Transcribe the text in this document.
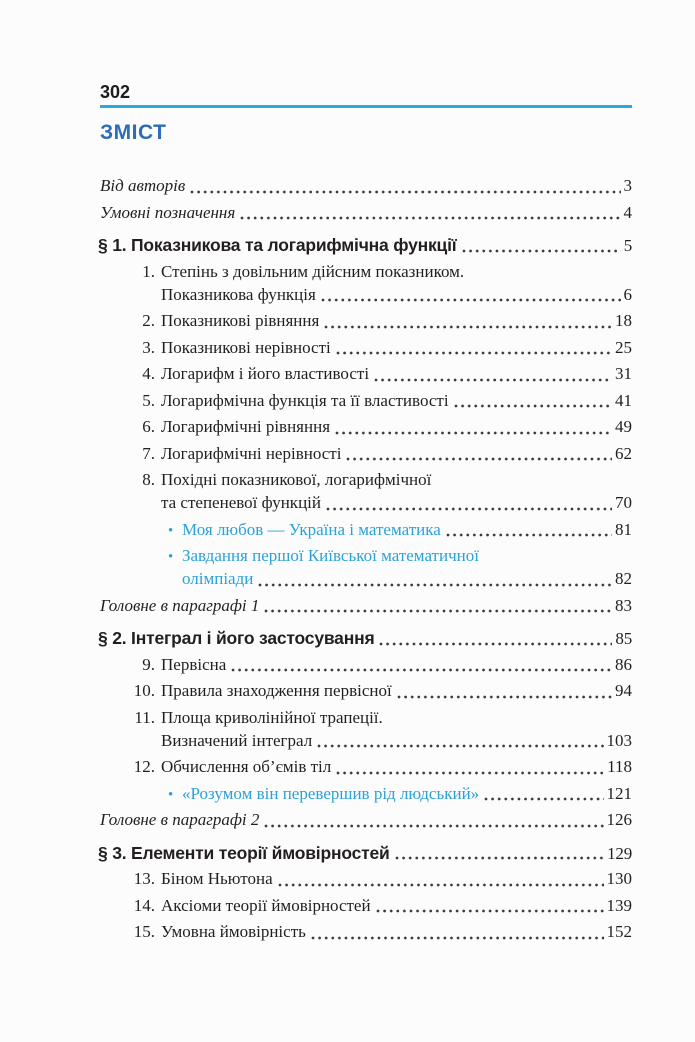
302
ЗМІСТ
Від авторів	3
Умовні позначення	4
§ 1. Показникова та логарифмічна функції	5
1. Степінь з довільним дійсним показником.
Показникова функція	6
2. Показникові рівняння	18
3. Показникові нерівності	25
4. Логарифм і його властивості	31
5. Логарифмічна функція та її властивості	41
6. Логарифмічні рівняння	49
7. Логарифмічні нерівності	62
8. Похідні показникової, логарифмічної
та степеневої функцій	70
• Моя любов — Україна і математика	81
• Завдання першої Київської математичної
олімпіади	82
Головне в параграфі 1	83
§ 2. Інтеграл і його застосування	85
9. Первісна	86
10. Правила знаходження первісної	94
11. Площа криволінійної трапеції.
Визначений інтеграл	103
12. Обчислення об’ємів тіл	118
• «Розумом він перевершив рід людський»	121
Головне в параграфі 2	126
§ 3. Елементи теорії ймовірностей	129
13. Біном Ньютона	130
14. Аксіоми теорії ймовірностей	139
15. Умовна ймовірність	152
